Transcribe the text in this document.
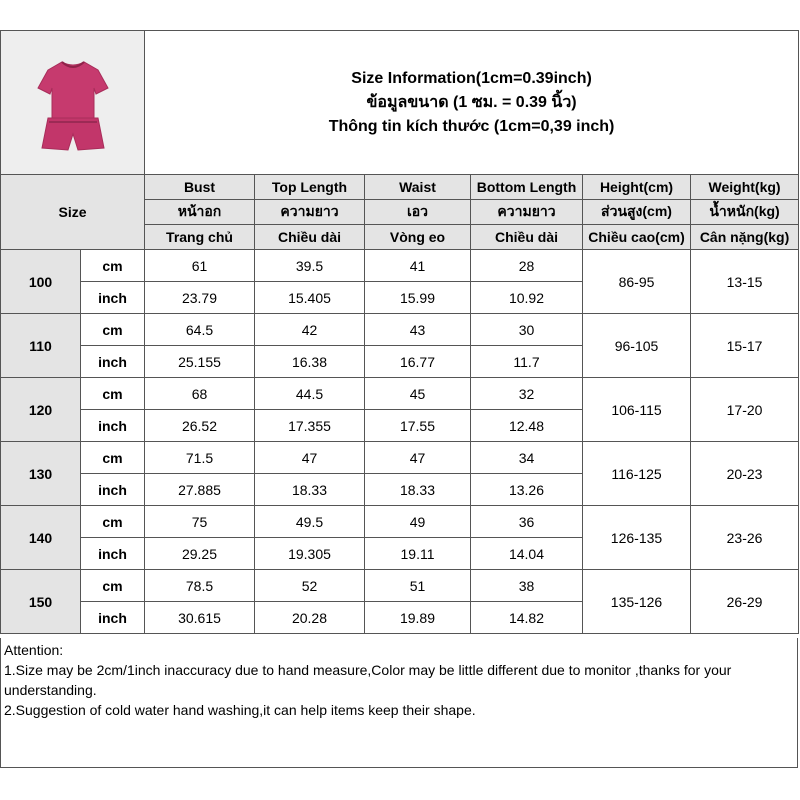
Size Information(1cm=0.39inch)
ข้อมูลขนาด (1 ซม. = 0.39 นิ้ว)
Thông tin kích thước (1cm=0,39 inch)					

Size		Bust	Top Length	Waist	Bottom Length	Height(cm)	Weight(kg)
		หน้าอก	ความยาว	เอว	ความยาว	ส่วนสูง(cm)	น้ำหนัก(kg)
		Trang chủ	Chiều dài	Vòng eo	Chiều dài	Chiều cao(cm)	Cân nặng(kg)
100	cm	61	39.5	41	28	86-95	13-15
	inch	23.79	15.405	15.99	10.92		
110	cm	64.5	42	43	30	96-105	15-17
	inch	25.155	16.38	16.77	11.7		
120	cm	68	44.5	45	32	106-115	17-20
	inch	26.52	17.355	17.55	12.48		
130	cm	71.5	47	47	34	116-125	20-23
	inch	27.885	18.33	18.33	13.26		
140	cm	75	49.5	49	36	126-135	23-26
	inch	29.25	19.305	19.11	14.04		
150	cm	78.5	52	51	38	135-126	26-29
	inch	30.615	20.28	19.89	14.82		

Attention:

1.Size may be 2cm/1inch inaccuracy due to hand measure,Color may be little different due to monitor ,thanks for your understanding.

2.Suggestion of cold water hand washing,it can help items keep their shape.
